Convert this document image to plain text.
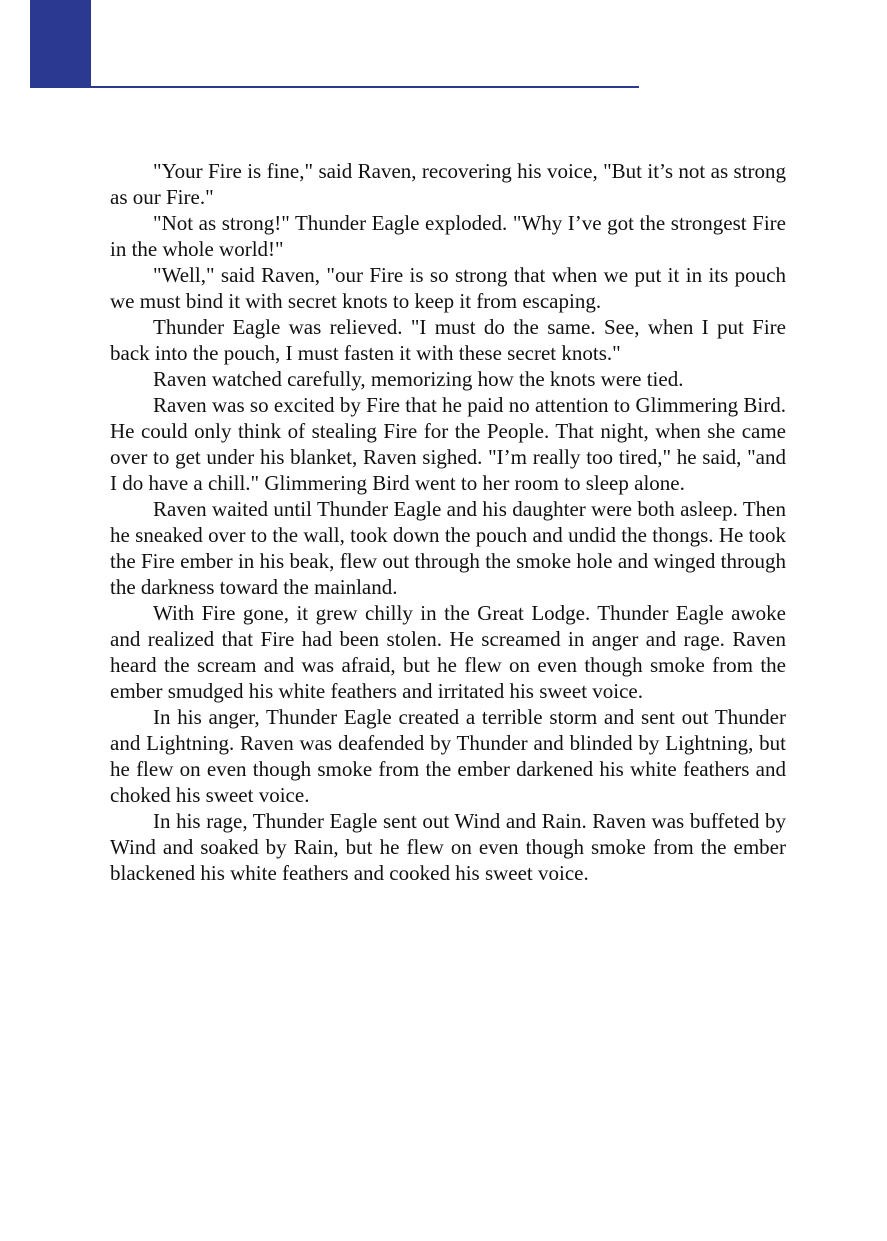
"Your Fire is fine," said Raven, recovering his voice, "But it’s not as strong as our Fire."

"Not as strong!" Thunder Eagle exploded. "Why I’ve got the strongest Fire in the whole world!"

"Well," said Raven, "our Fire is so strong that when we put it in its pouch we must bind it with secret knots to keep it from escaping.

Thunder Eagle was relieved. "I must do the same. See, when I put Fire back into the pouch, I must fasten it with these secret knots."

Raven watched carefully, memorizing how the knots were tied.

Raven was so excited by Fire that he paid no attention to Glimmering Bird. He could only think of stealing Fire for the People. That night, when she came over to get under his blanket, Raven sighed. "I’m really too tired," he said, "and I do have a chill." Glimmering Bird went to her room to sleep alone.

Raven waited until Thunder Eagle and his daughter were both asleep. Then he sneaked over to the wall, took down the pouch and undid the thongs. He took the Fire ember in his beak, flew out through the smoke hole and winged through the darkness toward the mainland.

With Fire gone, it grew chilly in the Great Lodge. Thunder Eagle awoke and realized that Fire had been stolen. He screamed in anger and rage. Raven heard the scream and was afraid, but he flew on even though smoke from the ember smudged his white feathers and irritated his sweet voice.

In his anger, Thunder Eagle created a terrible storm and sent out Thunder and Lightning. Raven was deafended by Thunder and blinded by Lightning, but he flew on even though smoke from the ember darkened his white feathers and choked his sweet voice.

In his rage, Thunder Eagle sent out Wind and Rain. Raven was buffeted by Wind and soaked by Rain, but he flew on even though smoke from the ember blackened his white feathers and cooked his sweet voice.
